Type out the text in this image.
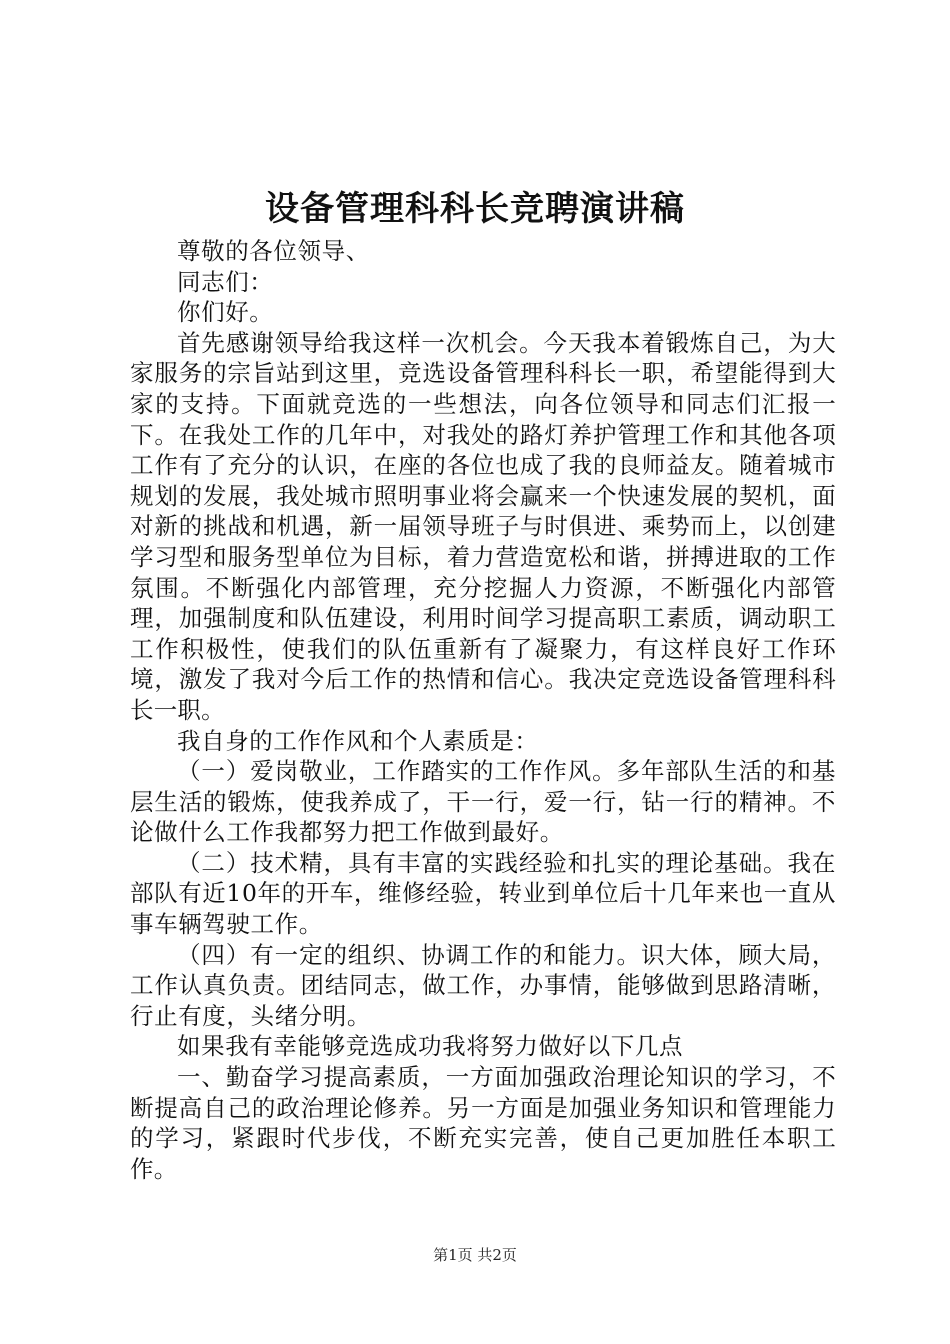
设备管理科科长竞聘演讲稿

尊敬的各位领导、

同志们：

你们好。

首先感谢领导给我这样一次机会。今天我本着锻炼自己，为大家服务的宗旨站到这里，竞选设备管理科科长一职，希望能得到大家的支持。下面就竞选的一些想法，向各位领导和同志们汇报一下。在我处工作的几年中，对我处的路灯养护管理工作和其他各项工作有了充分的认识，在座的各位也成了我的良师益友。随着城市规划的发展，我处城市照明事业将会赢来一个快速发展的契机，面对新的挑战和机遇，新一届领导班子与时俱进、乘势而上，以创建学习型和服务型单位为目标，着力营造宽松和谐，拼搏进取的工作氛围。不断强化内部管理，充分挖掘人力资源，不断强化内部管理，加强制度和队伍建设，利用时间学习提高职工素质，调动职工工作积极性，使我们的队伍重新有了凝聚力，有这样良好工作环境，激发了我对今后工作的热情和信心。我决定竞选设备管理科科长一职。

我自身的工作作风和个人素质是：

（一）爱岗敬业，工作踏实的工作作风。多年部队生活的和基层生活的锻炼，使我养成了，干一行，爱一行，钻一行的精神。不论做什么工作我都努力把工作做到最好。

（二）技术精，具有丰富的实践经验和扎实的理论基础。我在部队有近10年的开车，维修经验，转业到单位后十几年来也一直从事车辆驾驶工作。

（四）有一定的组织、协调工作的和能力。识大体，顾大局，工作认真负责。团结同志，做工作，办事情，能够做到思路清晰，行止有度，头绪分明。

如果我有幸能够竞选成功我将努力做好以下几点

一、勤奋学习提高素质，一方面加强政治理论知识的学习，不断提高自己的政治理论修养。另一方面是加强业务知识和管理能力的学习，紧跟时代步伐，不断充实完善，使自己更加胜任本职工作。

第1页 共2页
